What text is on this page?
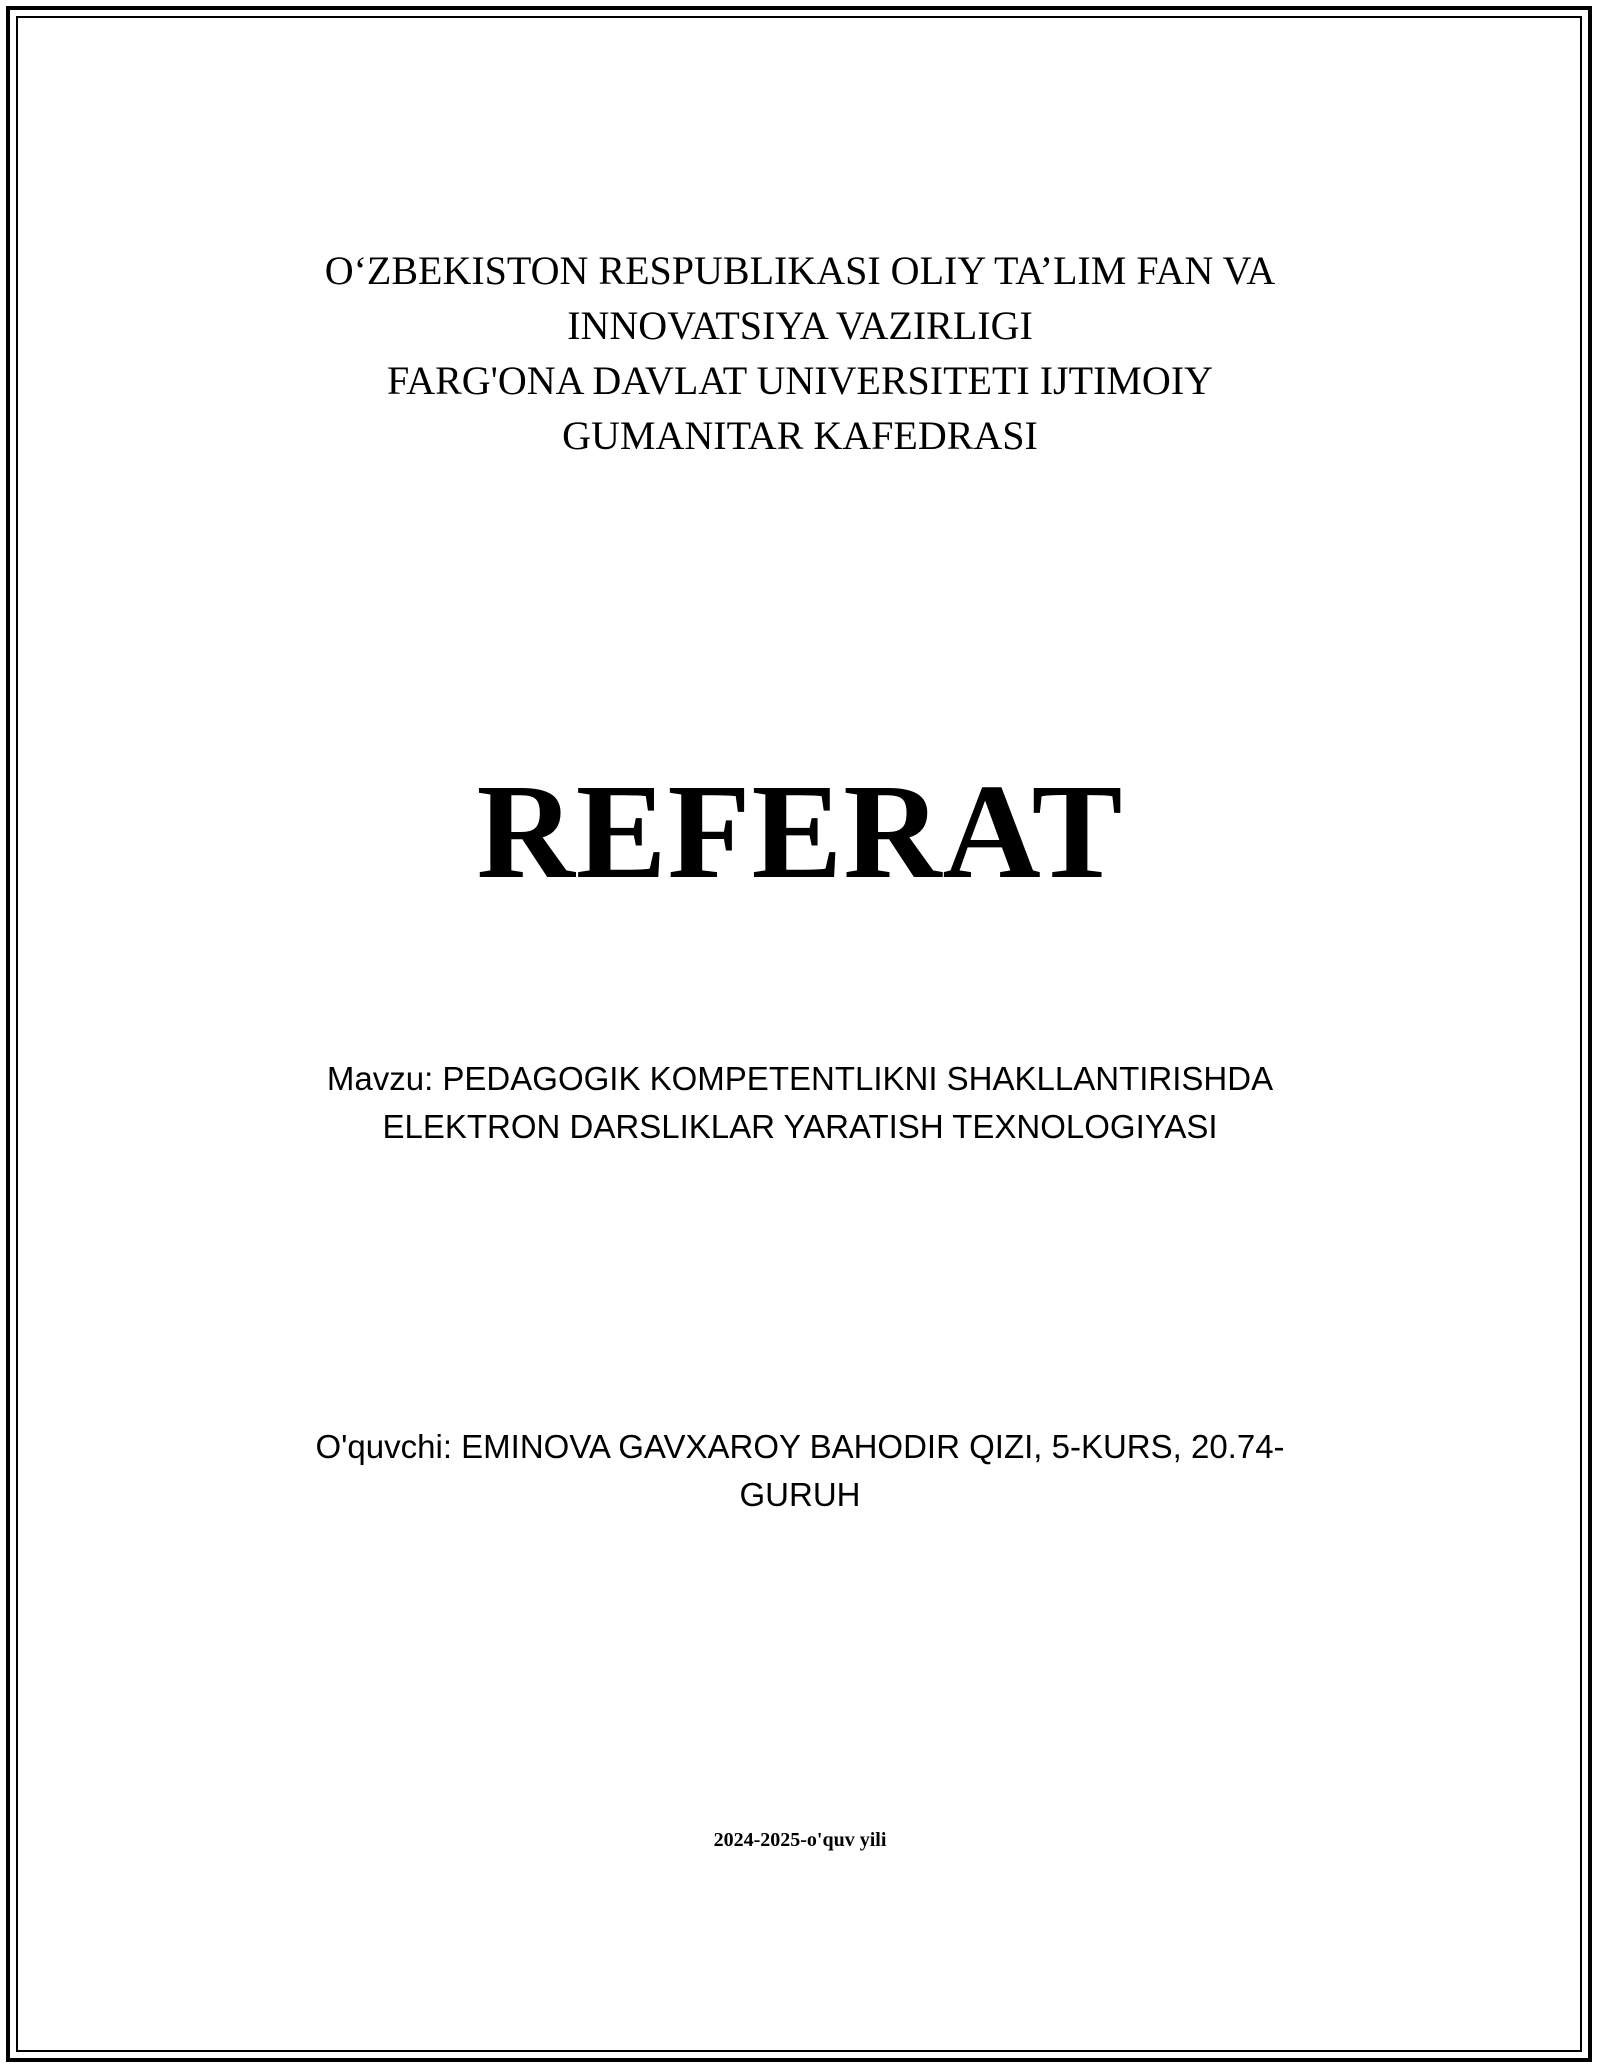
O‘ZBEKISTON RESPUBLIKASI OLIY TA’LIM FAN VA
INNOVATSIYA VAZIRLIGI
FARG'ONA DAVLAT UNIVERSITETI IJTIMOIY
GUMANITAR KAFEDRASI
REFERAT
Mavzu: PEDAGOGIK KOMPETENTLIKNI SHAKLLANTIRISHDA
ELEKTRON DARSLIKLAR YARATISH TEXNOLOGIYASI
O'quvchi: EMINOVA GAVXAROY BAHODIR QIZI, 5-KURS, 20.74-
GURUH
2024-2025-o'quv yili
